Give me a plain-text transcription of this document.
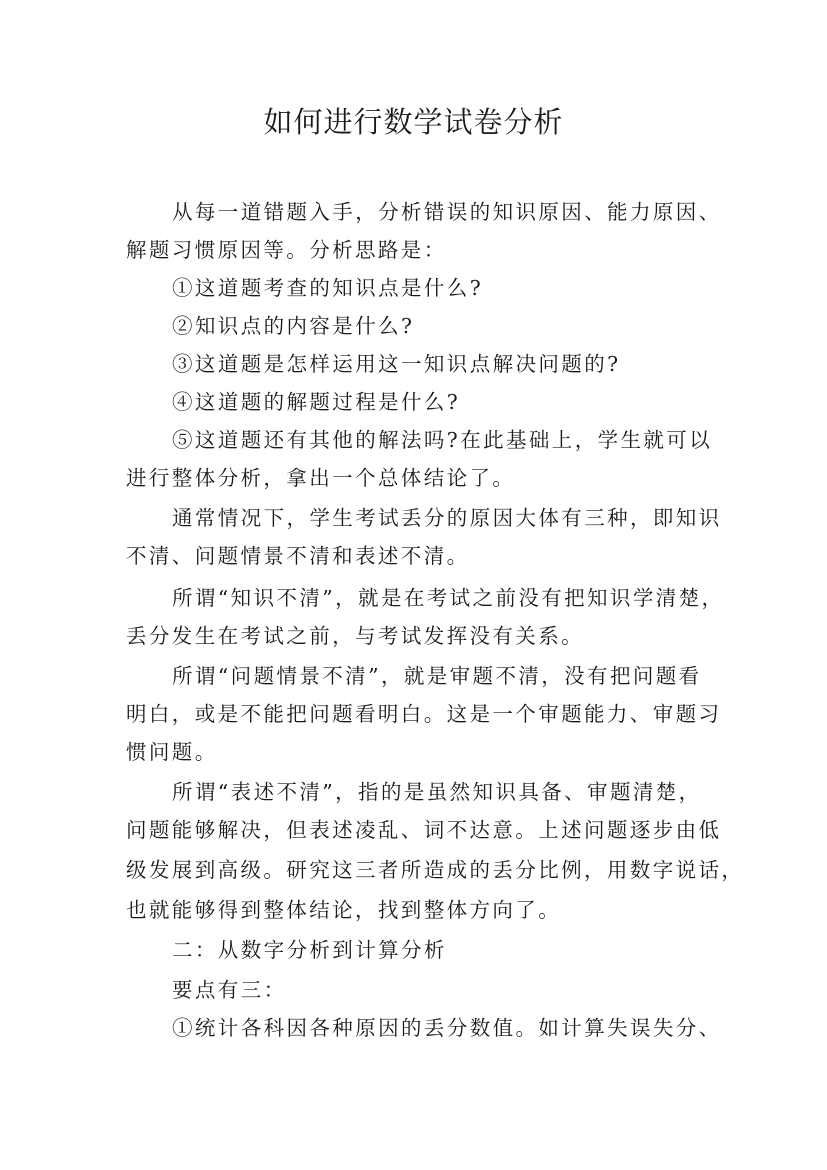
如何进行数学试卷分析

从每一道错题入手，分析错误的知识原因、能力原因、

解题习惯原因等。分析思路是：

①这道题考查的知识点是什么?

②知识点的内容是什么?

③这道题是怎样运用这一知识点解决问题的?

④这道题的解题过程是什么?

⑤这道题还有其他的解法吗?在此基础上，学生就可以

进行整体分析，拿出一个总体结论了。

通常情况下，学生考试丢分的原因大体有三种，即知识

不清、问题情景不清和表述不清。

所谓“知识不清”，就是在考试之前没有把知识学清楚，

丢分发生在考试之前，与考试发挥没有关系。

所谓“问题情景不清”，就是审题不清，没有把问题看

明白，或是不能把问题看明白。这是一个审题能力、审题习

惯问题。

所谓“表述不清”，指的是虽然知识具备、审题清楚，

问题能够解决，但表述凌乱、词不达意。上述问题逐步由低

级发展到高级。研究这三者所造成的丢分比例，用数字说话，

也就能够得到整体结论，找到整体方向了。

二：从数字分析到计算分析

要点有三：

①统计各科因各种原因的丢分数值。如计算失误失分、
